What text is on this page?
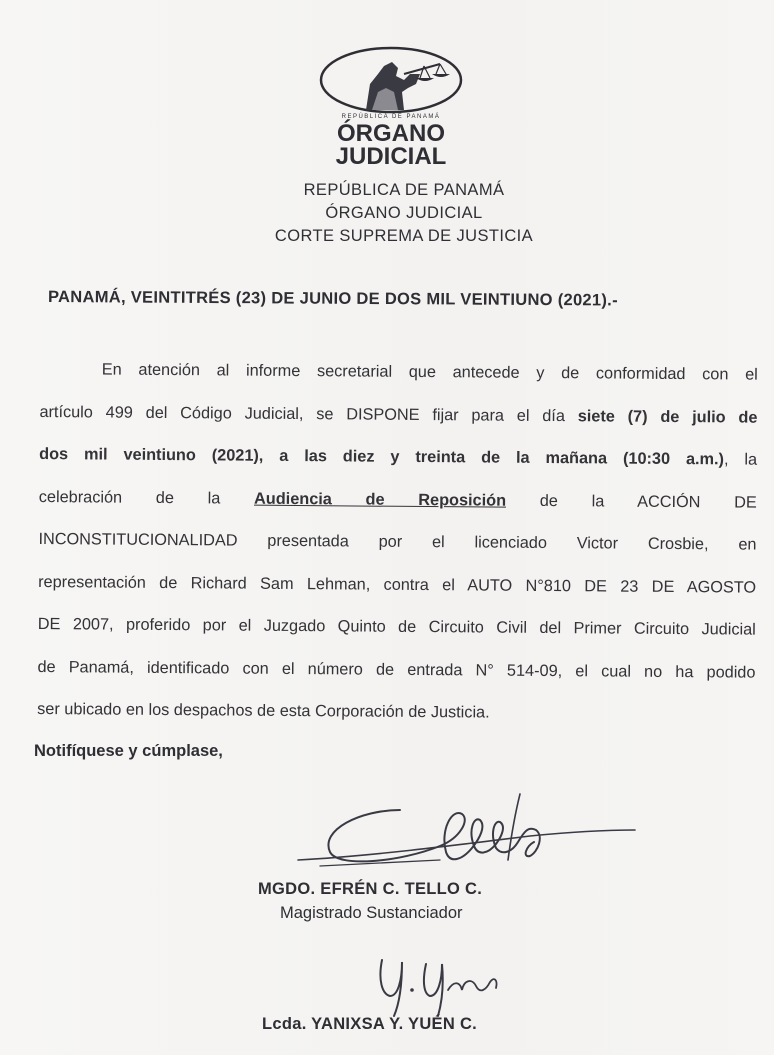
REPÚBLICA DE PANAMÁ
ÓRGANO
JUDICIAL
REPÚBLICA DE PANAMÁ
ÓRGANO JUDICIAL
CORTE SUPREMA DE JUSTICIA
PANAMÁ, VEINTITRÉS (23) DE JUNIO DE DOS MIL VEINTIUNO (2021).-
En atención al informe secretarial que antecede y de conformidad con el
artículo 499 del Código Judicial, se DISPONE fijar para el día siete (7) de julio de
dos mil veintiuno (2021), a las diez y treinta de la mañana (10:30 a.m.), la
celebración de la Audiencia de Reposición de la ACCIÓN DE
INCONSTITUCIONALIDAD presentada por el licenciado Victor Crosbie, en
representación de Richard Sam Lehman, contra el AUTO N°810 DE 23 DE AGOSTO
DE 2007, proferido por el Juzgado Quinto de Circuito Civil del Primer Circuito Judicial
de Panamá, identificado con el número de entrada N° 514-09, el cual no ha podido
ser ubicado en los despachos de esta Corporación de Justicia.
Notifíquese y cúmplase,
MGDO. EFRÉN C. TELLO C.
Magistrado Sustanciador
Lcda. YANIXSA Y. YUÉN C.
